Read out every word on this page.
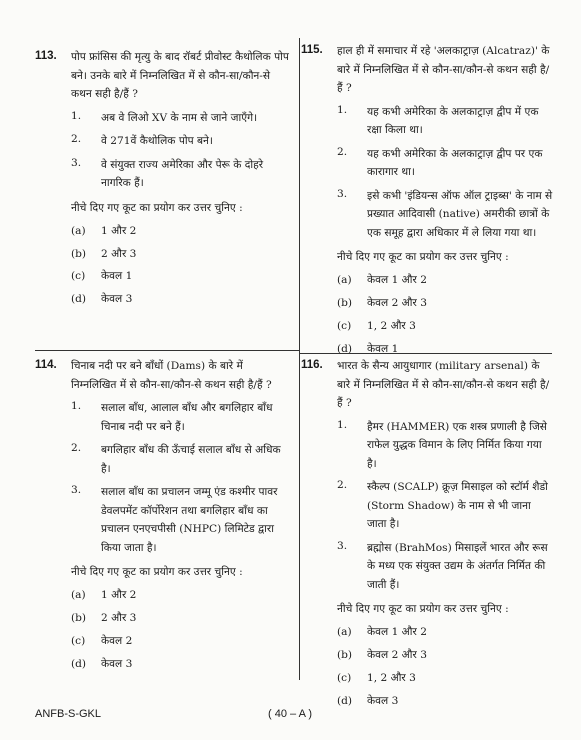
113.	पोप फ्रांसिस की मृत्यु के बाद रॉबर्ट प्रीवोस्ट कैथोलिक पोप बने। उनके बारे में निम्नलिखित में से कौन-सा/कौन-से कथन सही है/हैं ?
1.	अब वे लिओ XV के नाम से जाने जाएँगे।
2.	वे 271वें कैथोलिक पोप बने।
3.	वे संयुक्त राज्य अमेरिका और पेरू के दोहरे नागरिक हैं।
नीचे दिए गए कूट का प्रयोग कर उत्तर चुनिए :
(a)	1 और 2
(b)	2 और 3
(c)	केवल 1
(d)	केवल 3
115.	हाल ही में समाचार में रहे 'अलकाट्राज़ (Alcatraz)' के बारे में निम्नलिखित में से कौन-सा/कौन-से कथन सही है/हैं ?
1.	यह कभी अमेरिका के अलकाट्राज़ द्वीप में एक रक्षा किला था।
2.	यह कभी अमेरिका के अलकाट्राज़ द्वीप पर एक कारागार था।
3.	इसे कभी 'इंडियन्स ऑफ ऑल ट्राइब्स' के नाम से प्रख्यात आदिवासी (native) अमरीकी छात्रों के एक समूह द्वारा अधिकार में ले लिया गया था।
नीचे दिए गए कूट का प्रयोग कर उत्तर चुनिए :
(a)	केवल 1 और 2
(b)	केवल 2 और 3
(c)	1, 2 और 3
(d)	केवल 1
114.	चिनाब नदी पर बने बाँधों (Dams) के बारे में निम्नलिखित में से कौन-सा/कौन-से कथन सही है/हैं ?
1.	सलाल बाँध, आलाल बाँध और बगलिहार बाँध चिनाब नदी पर बने हैं।
2.	बगलिहार बाँध की ऊँचाई सलाल बाँध से अधिक है।
3.	सलाल बाँध का प्रचालन जम्मू एंड कश्मीर पावर डेवलपमेंट कॉर्पोरेशन तथा बगलिहार बाँध का प्रचालन एनएचपीसी (NHPC) लिमिटेड द्वारा किया जाता है।
नीचे दिए गए कूट का प्रयोग कर उत्तर चुनिए :
(a)	1 और 2
(b)	2 और 3
(c)	केवल 2
(d)	केवल 3
116.	भारत के सैन्य आयुधागार (military arsenal) के बारे में निम्नलिखित में से कौन-सा/कौन-से कथन सही है/हैं ?
1.	हैमर (HAMMER) एक शस्त्र प्रणाली है जिसे राफेल युद्धक विमान के लिए निर्मित किया गया है।
2.	स्कैल्प (SCALP) क्रूज़ मिसाइल को स्टॉर्म शैडो (Storm Shadow) के नाम से भी जाना जाता है।
3.	ब्रह्मोस (BrahMos) मिसाइलें भारत और रूस के मध्य एक संयुक्त उद्यम के अंतर्गत निर्मित की जाती हैं।
नीचे दिए गए कूट का प्रयोग कर उत्तर चुनिए :
(a)	केवल 1 और 2
(b)	केवल 2 और 3
(c)	1, 2 और 3
(d)	केवल 3
ANFB-S-GKL	( 40 – A )
